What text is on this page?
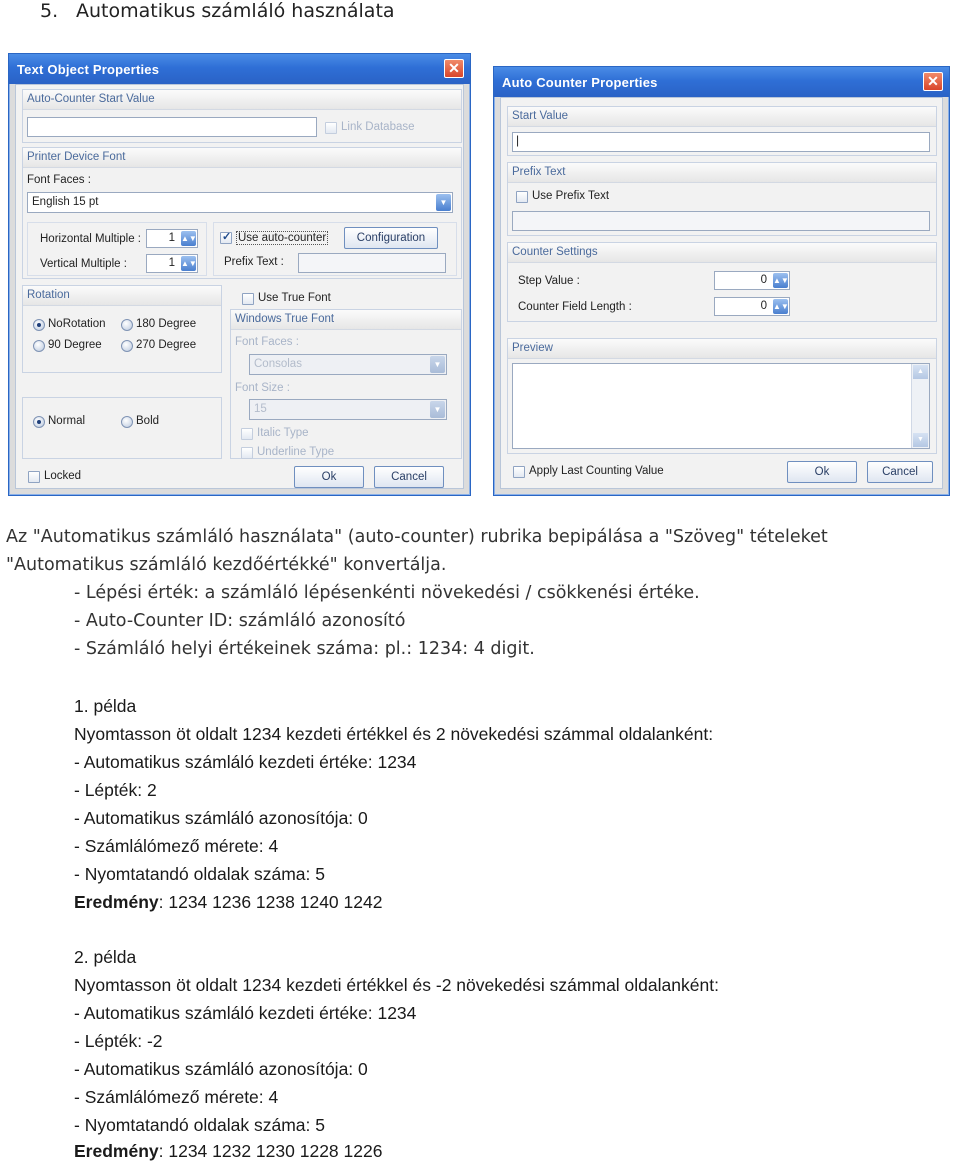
5. Automatikus számláló használata
Text Object Properties	✕
Auto-Counter Start Value
Link Database
Printer Device Font
Font Faces :
English 15 pt	▼
Horizontal Multiple :	1 ▲▼
Vertical Multiple :	1 ▲▼
✓
Use auto-counter	Configuration
Prefix Text :
Rotation
NoRotation	180 Degree
90 Degree	270 Degree
Normal	Bold
Use True Font
Windows True Font
Font Faces :
Consolas	▼
Font Size :
15	▼
Italic Type
Underline Type
Locked	Ok	Cancel
Auto Counter Properties	✕
Start Value
|
Prefix Text
Use Prefix Text
Counter Settings
Step Value :	0 ▲▼
Counter Field Length :	0 ▲▼
Preview
▲
▼
Apply Last Counting Value	Ok	Cancel
Az "Automatikus számláló használata" (auto-counter) rubrika bepipálása a "Szöveg" tételeket
"Automatikus számláló kezdőértékké" konvertálja.
- Lépési érték: a számláló lépésenkénti növekedési / csökkenési értéke.
- Auto-Counter ID: számláló azonosító
- Számláló helyi értékeinek száma: pl.: 1234: 4 digit.
1. példa
Nyomtasson öt oldalt 1234 kezdeti értékkel és 2 növekedési számmal oldalanként:
- Automatikus számláló kezdeti értéke: 1234
- Lépték: 2
- Automatikus számláló azonosítója: 0
- Számlálómező mérete: 4
- Nyomtatandó oldalak száma: 5
Eredmény: 1234 1236 1238 1240 1242
2. példa
Nyomtasson öt oldalt 1234 kezdeti értékkel és -2 növekedési számmal oldalanként:
- Automatikus számláló kezdeti értéke: 1234
- Lépték: -2
- Automatikus számláló azonosítója: 0
- Számlálómező mérete: 4
- Nyomtatandó oldalak száma: 5
Eredmény: 1234 1232 1230 1228 1226
